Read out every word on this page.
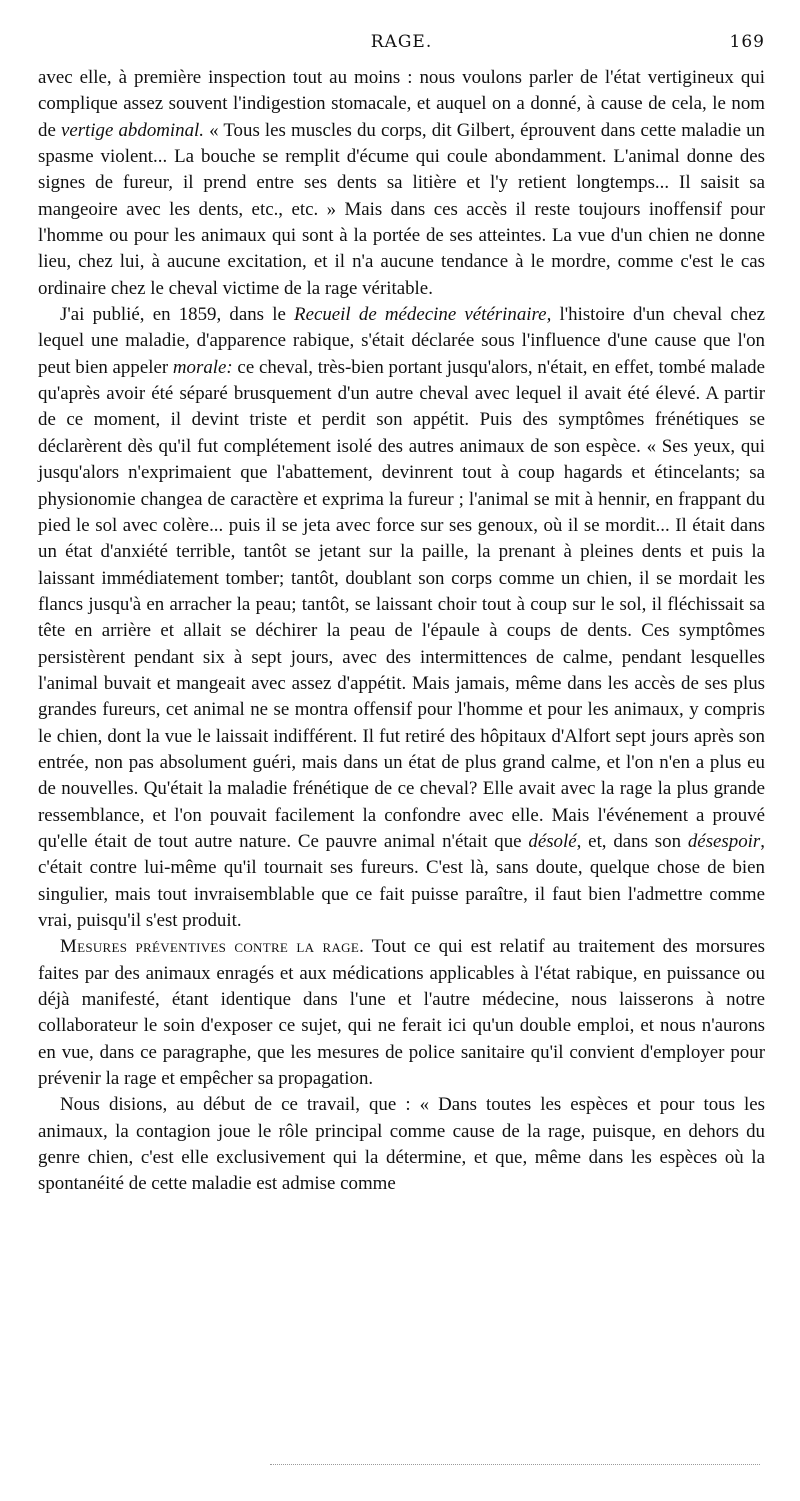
RAGE.	169

avec elle, à première inspection tout au moins : nous voulons parler de l'état vertigineux qui complique assez souvent l'indigestion stomacale, et auquel on a donné, à cause de cela, le nom de vertige abdominal. « Tous les muscles du corps, dit Gilbert, éprouvent dans cette maladie un spasme violent... La bouche se remplit d'écume qui coule abondamment. L'animal donne des signes de fureur, il prend entre ses dents sa litière et l'y retient longtemps... Il saisit sa mangeoire avec les dents, etc., etc. » Mais dans ces accès il reste toujours inoffensif pour l'homme ou pour les animaux qui sont à la portée de ses atteintes. La vue d'un chien ne donne lieu, chez lui, à aucune excitation, et il n'a aucune tendance à le mordre, comme c'est le cas ordinaire chez le cheval victime de la rage véritable.

J'ai publié, en 1859, dans le Recueil de médecine vétérinaire, l'histoire d'un cheval chez lequel une maladie, d'apparence rabique, s'était déclarée sous l'influence d'une cause que l'on peut bien appeler morale: ce cheval, très-bien portant jusqu'alors, n'était, en effet, tombé malade qu'après avoir été séparé brusquement d'un autre cheval avec lequel il avait été élevé. A partir de ce moment, il devint triste et perdit son appétit. Puis des symptômes frénétiques se déclarèrent dès qu'il fut complétement isolé des autres animaux de son espèce. « Ses yeux, qui jusqu'alors n'exprimaient que l'abattement, devinrent tout à coup hagards et étincelants; sa physionomie changea de caractère et exprima la fureur ; l'animal se mit à hennir, en frappant du pied le sol avec colère... puis il se jeta avec force sur ses genoux, où il se mordit... Il était dans un état d'anxiété terrible, tantôt se jetant sur la paille, la prenant à pleines dents et puis la laissant immédiatement tomber; tantôt, doublant son corps comme un chien, il se mordait les flancs jusqu'à en arracher la peau; tantôt, se laissant choir tout à coup sur le sol, il fléchissait sa tête en arrière et allait se déchirer la peau de l'épaule à coups de dents. Ces symptômes persistèrent pendant six à sept jours, avec des intermittences de calme, pendant lesquelles l'animal buvait et mangeait avec assez d'appétit. Mais jamais, même dans les accès de ses plus grandes fureurs, cet animal ne se montra offensif pour l'homme et pour les animaux, y compris le chien, dont la vue le laissait indifférent. Il fut retiré des hôpitaux d'Alfort sept jours après son entrée, non pas absolument guéri, mais dans un état de plus grand calme, et l'on n'en a plus eu de nouvelles. Qu'était la maladie frénétique de ce cheval? Elle avait avec la rage la plus grande ressemblance, et l'on pouvait facilement la confondre avec elle. Mais l'événement a prouvé qu'elle était de tout autre nature. Ce pauvre animal n'était que désolé, et, dans son désespoir, c'était contre lui-même qu'il tournait ses fureurs. C'est là, sans doute, quelque chose de bien singulier, mais tout invraisemblable que ce fait puisse paraître, il faut bien l'admettre comme vrai, puisqu'il s'est produit.

Mesures préventives contre la rage. Tout ce qui est relatif au traitement des morsures faites par des animaux enragés et aux médications applicables à l'état rabique, en puissance ou déjà manifesté, étant identique dans l'une et l'autre médecine, nous laisserons à notre collaborateur le soin d'exposer ce sujet, qui ne ferait ici qu'un double emploi, et nous n'aurons en vue, dans ce paragraphe, que les mesures de police sanitaire qu'il convient d'employer pour prévenir la rage et empêcher sa propagation.

Nous disions, au début de ce travail, que : « Dans toutes les espèces et pour tous les animaux, la contagion joue le rôle principal comme cause de la rage, puisque, en dehors du genre chien, c'est elle exclusivement qui la détermine, et que, même dans les espèces où la spontanéité de cette maladie est admise comme
